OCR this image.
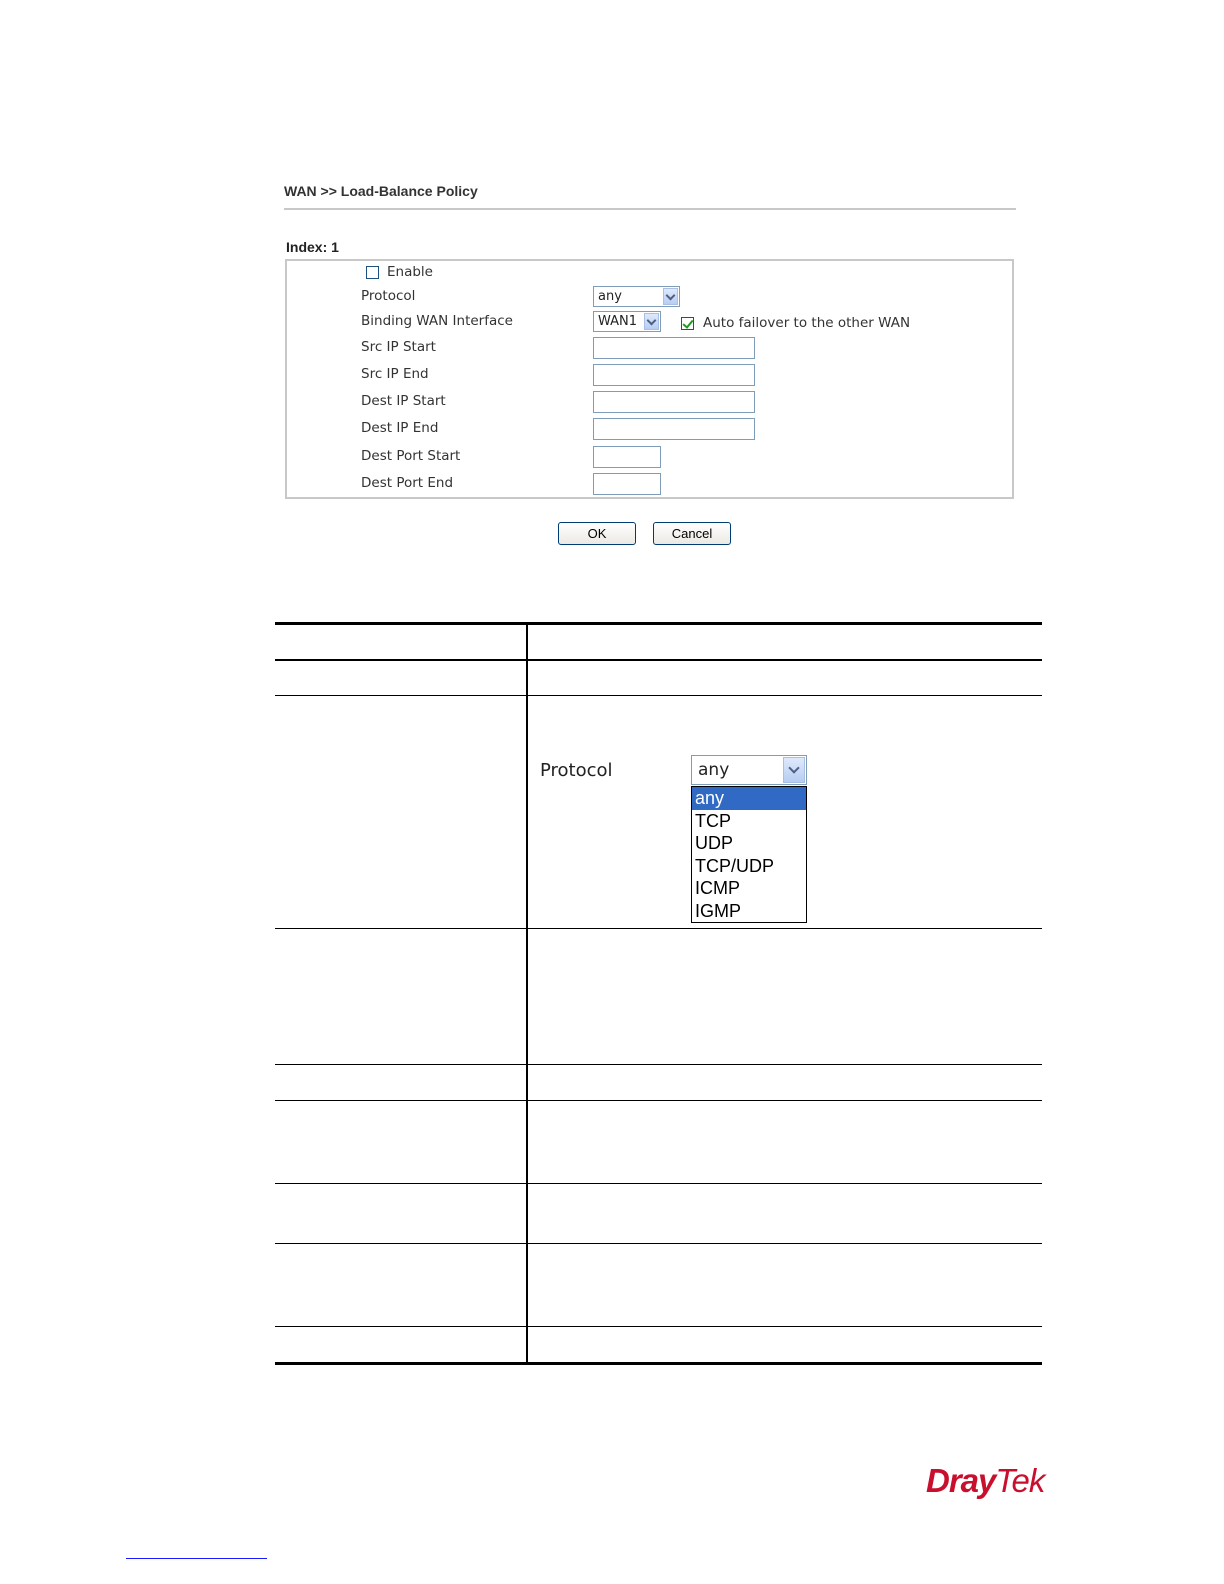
WAN >> Load-Balance Policy
Index: 1
Enable
Protocol	any
Binding WAN Interface	WAN1	Auto failover to the other WAN
Src IP Start
Src IP End
Dest IP Start
Dest IP End
Dest Port Start
Dest Port End
OK	Cancel
Protocol	any
any
TCP
UDP
TCP/UDP
ICMP
IGMP
DrayTek
